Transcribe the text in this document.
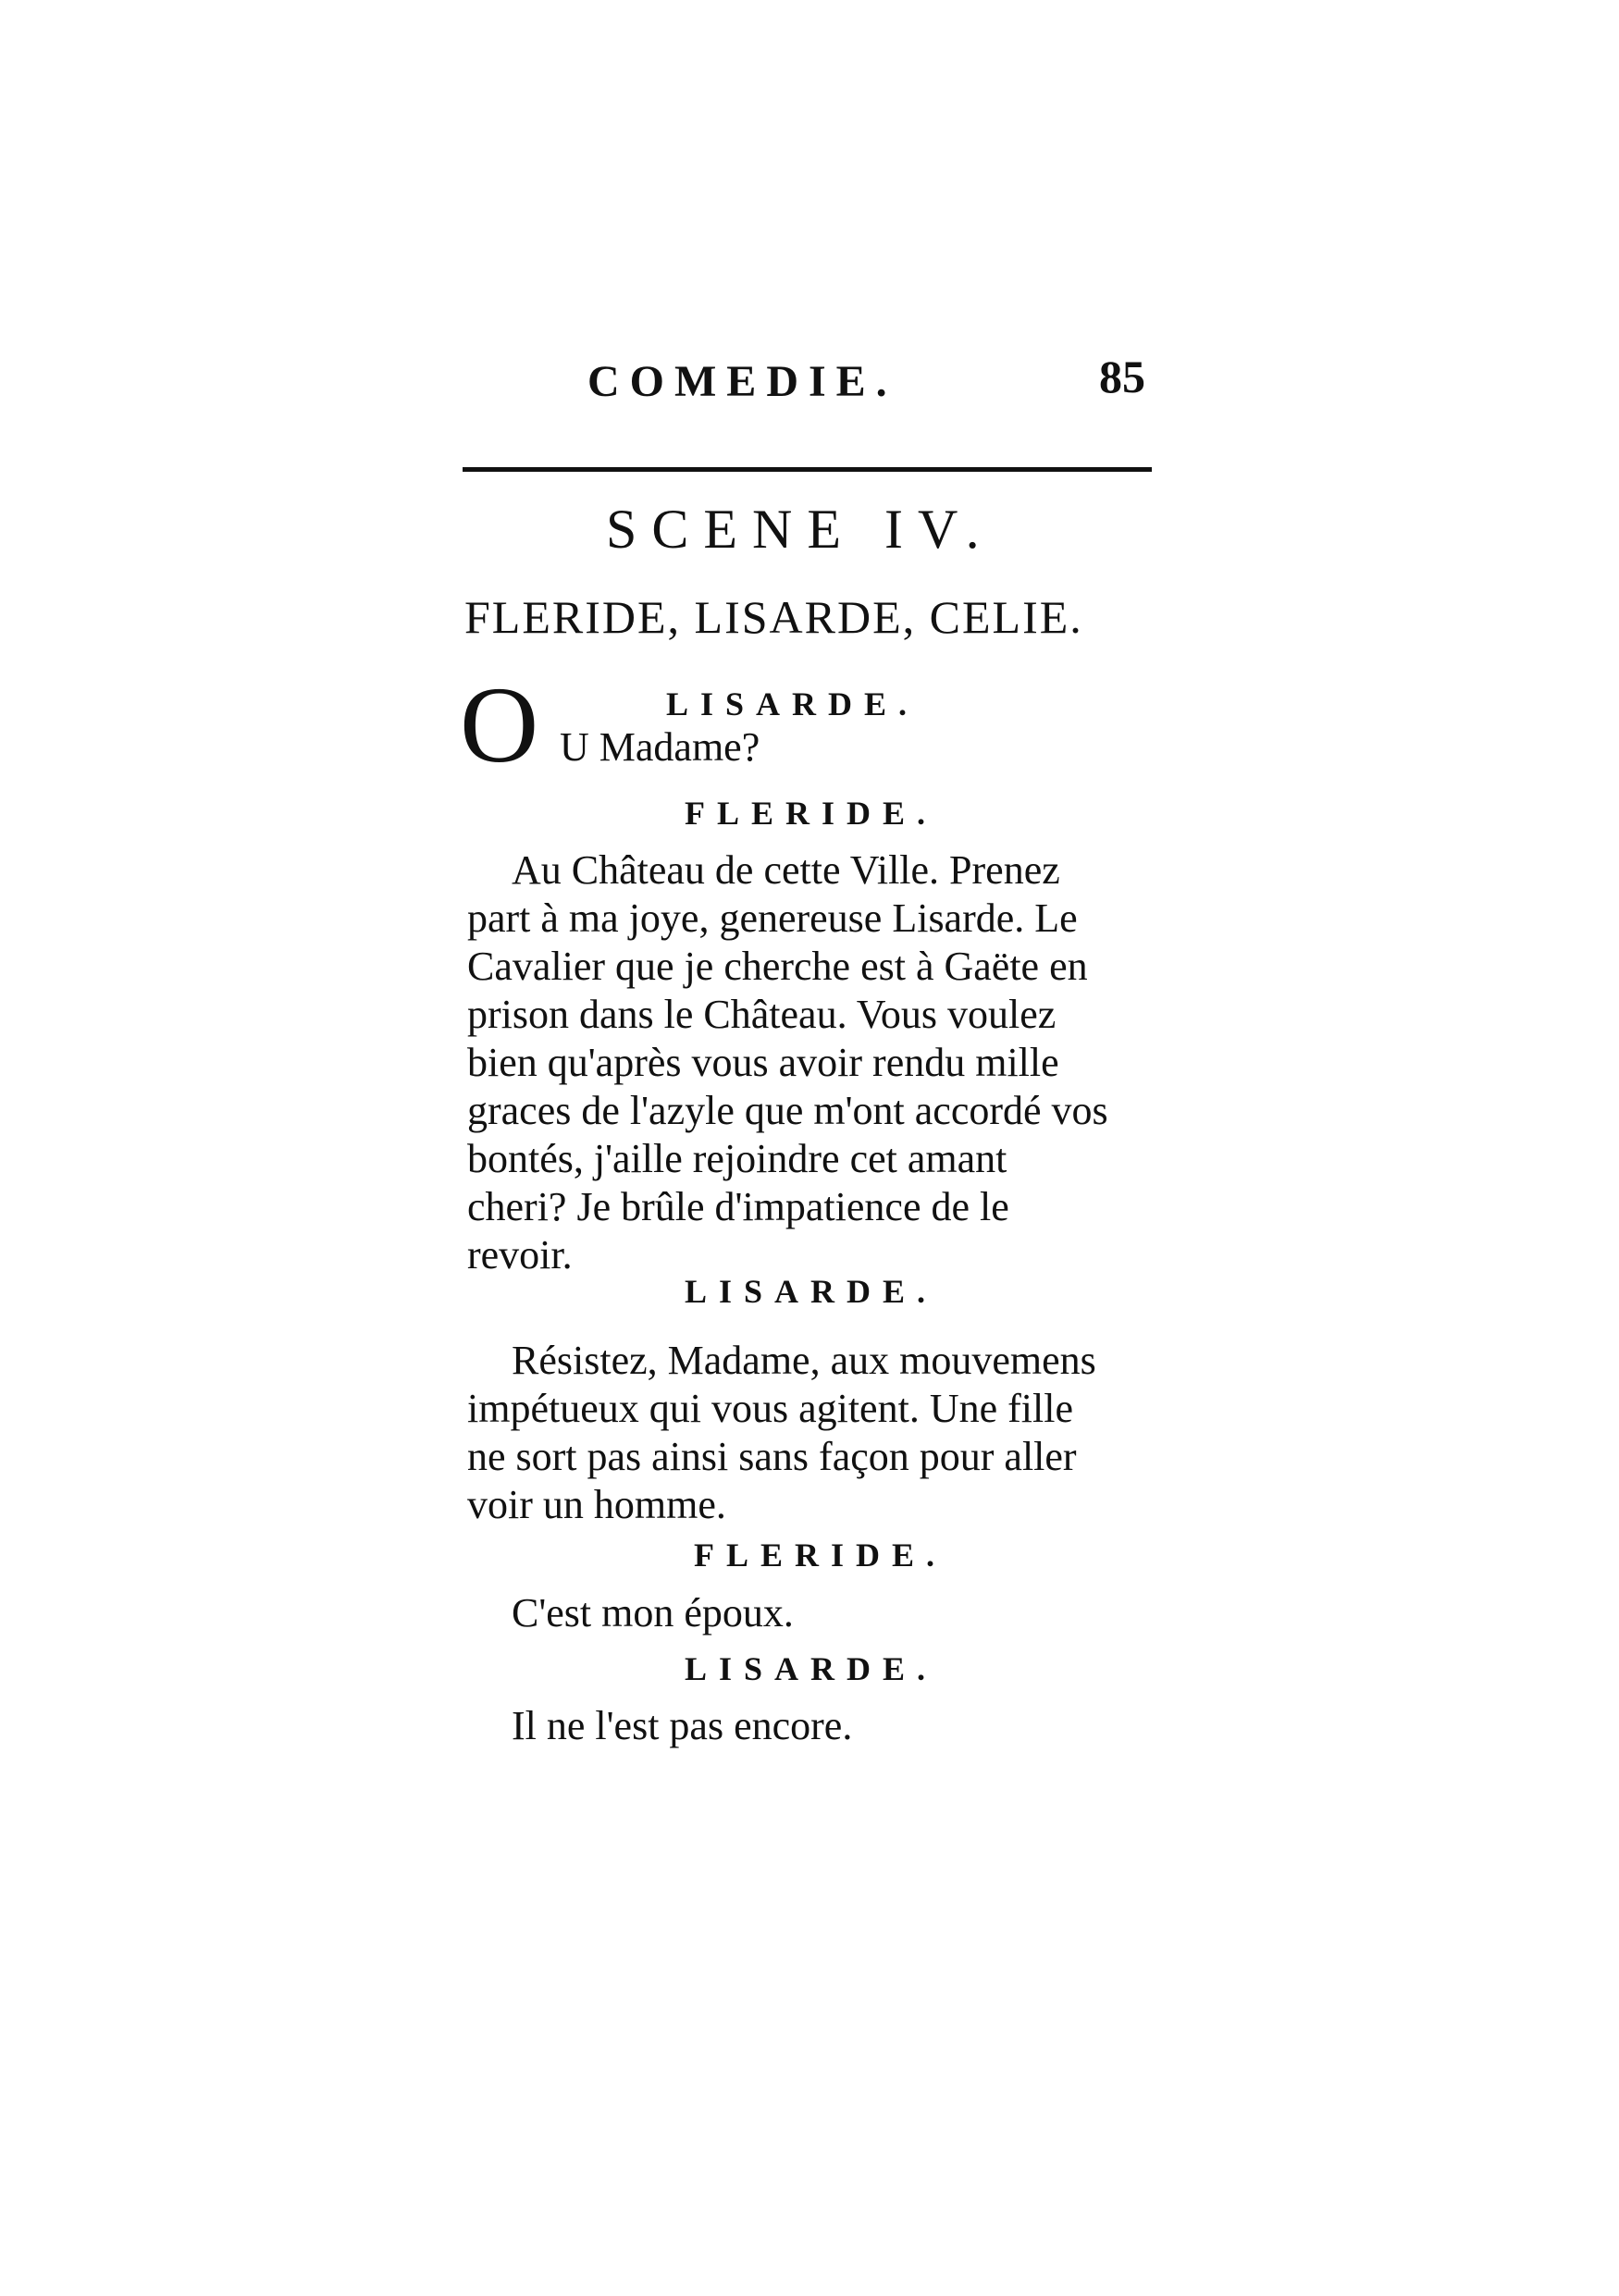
COMEDIE.	85
SCENE IV.
FLERIDE, LISARDE, CELIE.
LISARDE.
O U Madame?
FLERIDE.
Au Château de cette Ville. Prenez
part à ma joye, genereuse Lisarde. Le
Cavalier que je cherche est à Gaëte en
prison dans le Château. Vous voulez
bien qu'après vous avoir rendu mille
graces de l'azyle que m'ont accordé vos
bontés, j'aille rejoindre cet amant
cheri? Je brûle d'impatience de le
revoir.
LISARDE.
Résistez, Madame, aux mouvemens
impétueux qui vous agitent. Une fille
ne sort pas ainsi sans façon pour aller
voir un homme.
FLERIDE.
C'est mon époux.
LISARDE.
Il ne l'est pas encore.
